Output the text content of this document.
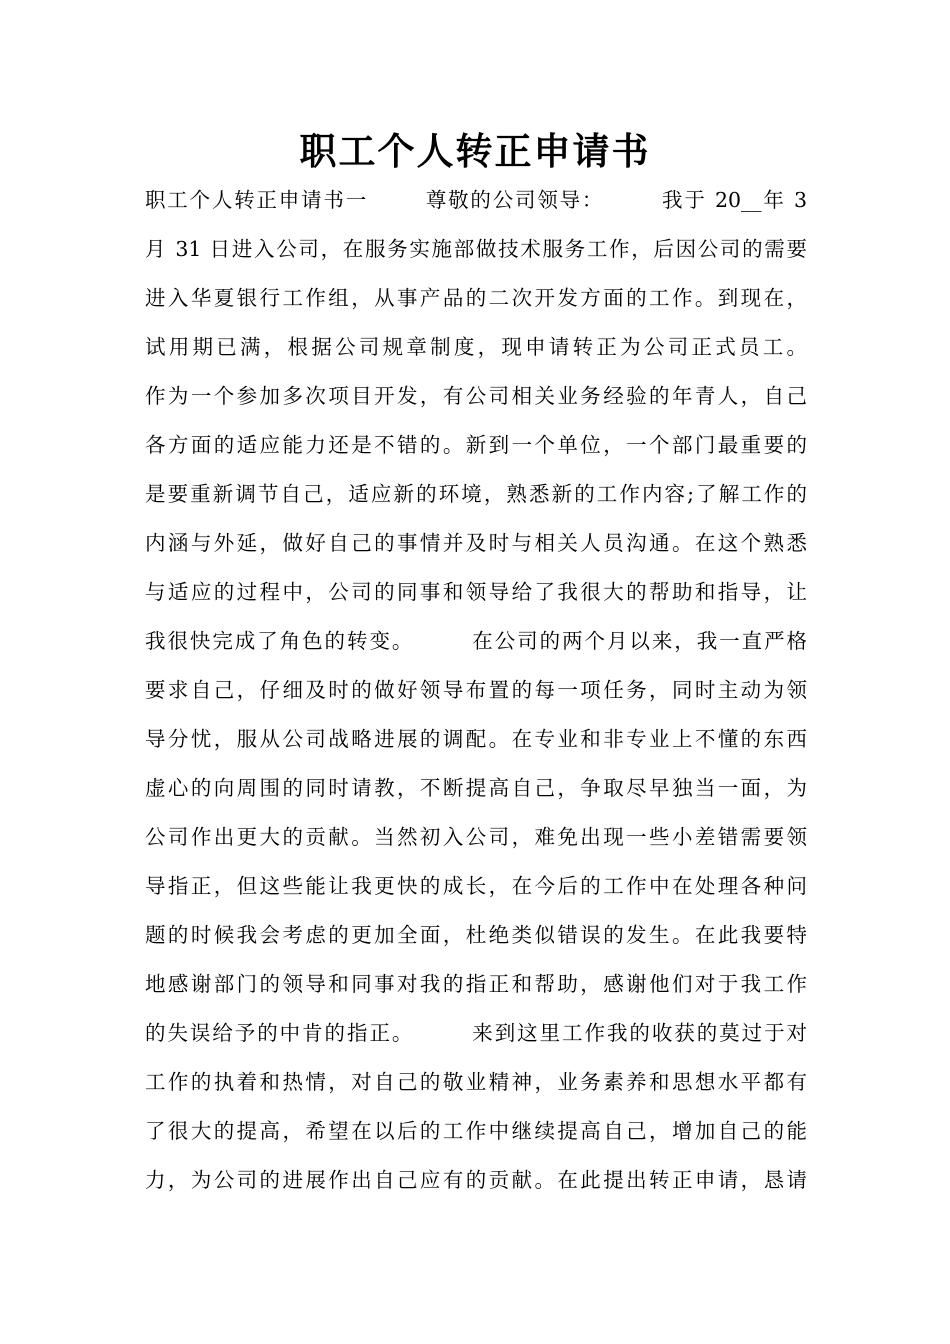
职工个人转正申请书
职工个人转正申请书一	尊敬的公司领导：	我于 20__年 3
月 31 日进入公司，在服务实施部做技术服务工作，后因公司的需要
进入华夏银行工作组，从事产品的二次开发方面的工作。到现在，
试用期已满，根据公司规章制度，现申请转正为公司正式员工。
作为一个参加多次项目开发，有公司相关业务经验的年青人，自己
各方面的适应能力还是不错的。新到一个单位，一个部门最重要的
是要重新调节自己，适应新的环境，熟悉新的工作内容;了解工作的
内涵与外延，做好自己的事情并及时与相关人员沟通。在这个熟悉
与适应的过程中，公司的同事和领导给了我很大的帮助和指导，让
我很快完成了角色的转变。	在公司的两个月以来，我一直严格
要求自己，仔细及时的做好领导布置的每一项任务，同时主动为领
导分忧，服从公司战略进展的调配。在专业和非专业上不懂的东西
虚心的向周围的同时请教，不断提高自己，争取尽早独当一面，为
公司作出更大的贡献。当然初入公司，难免出现一些小差错需要领
导指正，但这些能让我更快的成长，在今后的工作中在处理各种问
题的时候我会考虑的更加全面，杜绝类似错误的发生。在此我要特
地感谢部门的领导和同事对我的指正和帮助，感谢他们对于我工作
的失误给予的中肯的指正。	来到这里工作我的收获的莫过于对
工作的执着和热情，对自己的敬业精神，业务素养和思想水平都有
了很大的提高，希望在以后的工作中继续提高自己，增加自己的能
力，为公司的进展作出自己应有的贡献。在此提出转正申请，恳请
